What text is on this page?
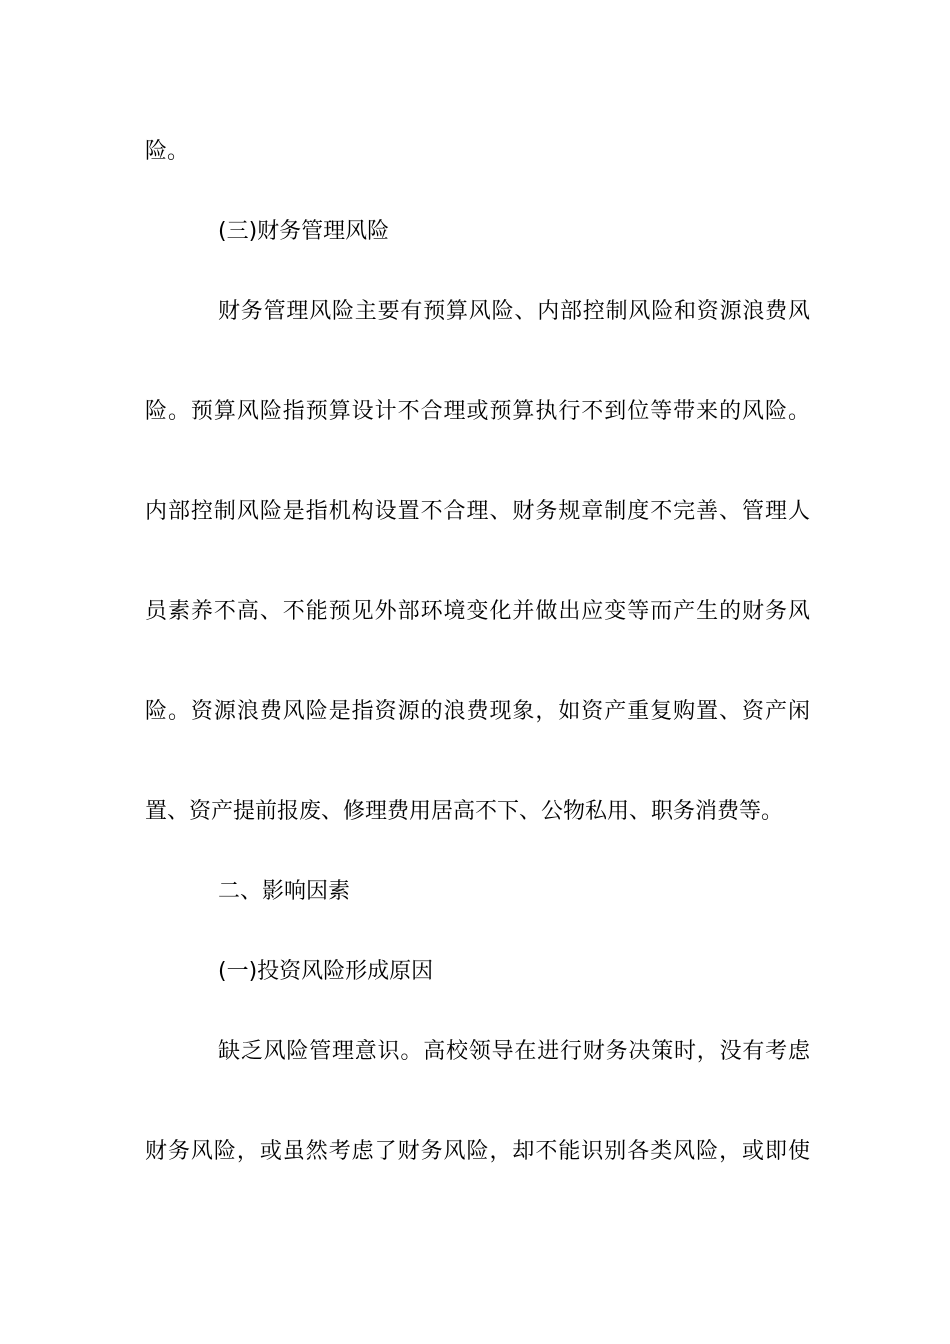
险。
(三)财务管理风险
财务管理风险主要有预算风险、内部控制风险和资源浪费风
险。预算风险指预算设计不合理或预算执行不到位等带来的风险。
内部控制风险是指机构设置不合理、财务规章制度不完善、管理人
员素养不高、不能预见外部环境变化并做出应变等而产生的财务风
险。资源浪费风险是指资源的浪费现象，如资产重复购置、资产闲
置、资产提前报废、修理费用居高不下、公物私用、职务消费等。
二、影响因素
(一)投资风险形成原因
缺乏风险管理意识。高校领导在进行财务决策时，没有考虑
财务风险，或虽然考虑了财务风险，却不能识别各类风险，或即使
